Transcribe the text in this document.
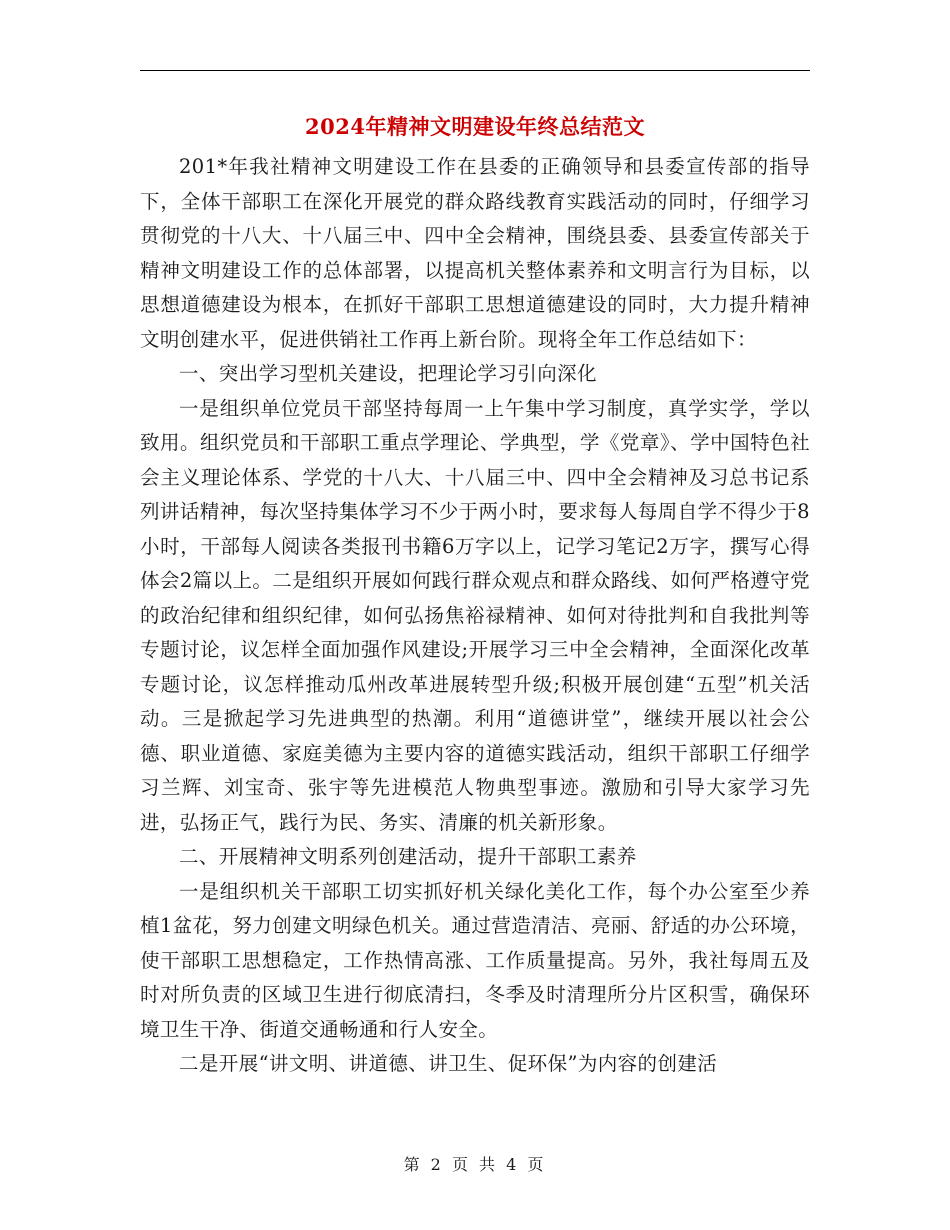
2024年精神文明建设年终总结范文

201*年我社精神文明建设工作在县委的正确领导和县委宣传部的指导下，全体干部职工在深化开展党的群众路线教育实践活动的同时，仔细学习贯彻党的十八大、十八届三中、四中全会精神，围绕县委、县委宣传部关于精神文明建设工作的总体部署，以提高机关整体素养和文明言行为目标，以思想道德建设为根本，在抓好干部职工思想道德建设的同时，大力提升精神文明创建水平，促进供销社工作再上新台阶。现将全年工作总结如下：

一、突出学习型机关建设，把理论学习引向深化

一是组织单位党员干部坚持每周一上午集中学习制度，真学实学，学以致用。组织党员和干部职工重点学理论、学典型，学《党章》、学中国特色社会主义理论体系、学党的十八大、十八届三中、四中全会精神及习总书记系列讲话精神，每次坚持集体学习不少于两小时，要求每人每周自学不得少于8小时，干部每人阅读各类报刊书籍6万字以上，记学习笔记2万字，撰写心得体会2篇以上。二是组织开展如何践行群众观点和群众路线、如何严格遵守党的政治纪律和组织纪律，如何弘扬焦裕禄精神、如何对待批判和自我批判等专题讨论，议怎样全面加强作风建设;开展学习三中全会精神，全面深化改革专题讨论，议怎样推动瓜州改革进展转型升级;积极开展创建“五型”机关活动。三是掀起学习先进典型的热潮。利用“道德讲堂”，继续开展以社会公德、职业道德、家庭美德为主要内容的道德实践活动，组织干部职工仔细学习兰辉、刘宝奇、张宇等先进模范人物典型事迹。激励和引导大家学习先进，弘扬正气，践行为民、务实、清廉的机关新形象。

二、开展精神文明系列创建活动，提升干部职工素养

一是组织机关干部职工切实抓好机关绿化美化工作，每个办公室至少养植1盆花，努力创建文明绿色机关。通过营造清洁、亮丽、舒适的办公环境，使干部职工思想稳定，工作热情高涨、工作质量提高。另外，我社每周五及时对所负责的区域卫生进行彻底清扫，冬季及时清理所分片区积雪，确保环境卫生干净、街道交通畅通和行人安全。

二是开展“讲文明、讲道德、讲卫生、促环保”为内容的创建活

第 2 页 共 4 页
